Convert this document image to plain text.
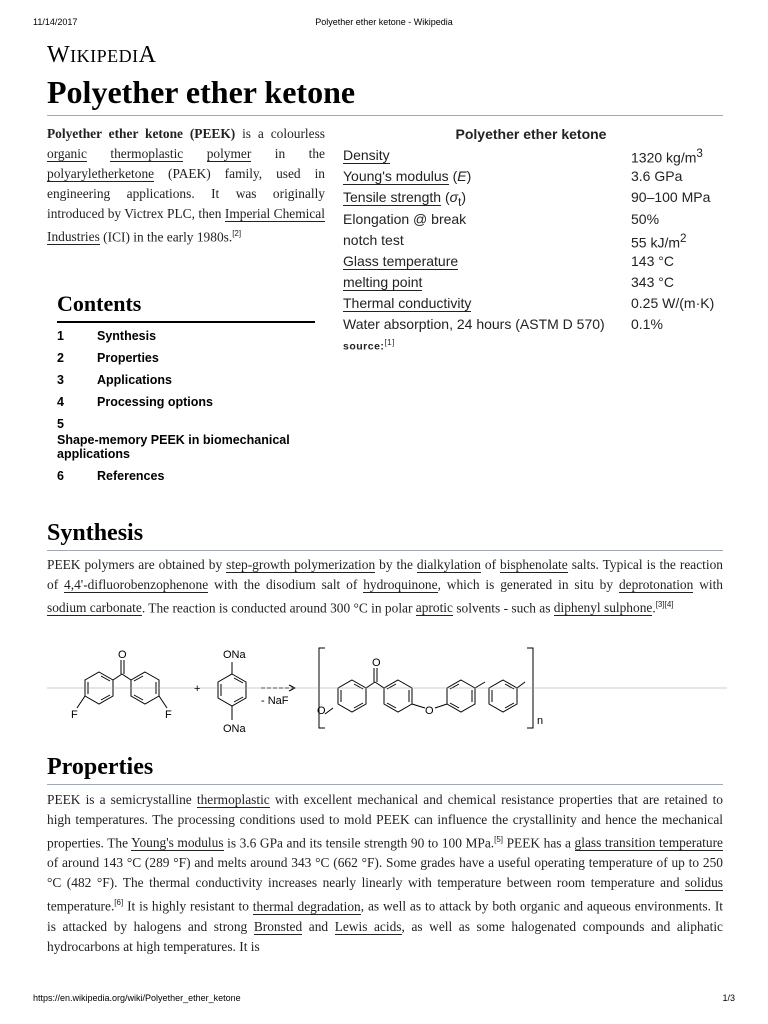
11/14/2017	Polyether ether ketone - Wikipedia
WIKIPEDIA
Polyether ether ketone
Polyether ether ketone (PEEK) is a colourless organic thermoplastic polymer in the polyaryletherketone (PAEK) family, used in engineering applications. It was originally introduced by Victrex PLC, then Imperial Chemical Industries (ICI) in the early 1980s.[2]
Polyether ether ketone
Density	1320 $kg/m^3$
Young's modulus (E)	3.6 GPa
Tensile strength $(\sigma_t)$	90–100 MPa
Elongation @ break	50%
notch test	55 $kJ/m^2$
Glass temperature	143 °C
melting point	343 °C
Thermal conductivity	0.25 W/(m·K)
Water absorption, 24 hours (ASTM D 570)	0.1%
source:[1]
Contents
1	Synthesis
2	Properties
3	Applications
4	Processing options
5
Shape-memory PEEK in biomechanical applications
6	References
Synthesis
PEEK polymers are obtained by step-growth polymerization by the dialkylation of bisphenolate salts. Typical is the reaction of 4,4'-difluorobenzophenone with the disodium salt of hydroquinone, which is generated in situ by deprotonation with sodium carbonate. The reaction is conducted around 300 °C in polar aprotic solvents - such as diphenyl sulphone.[3][4]
O	ONa
ONa
F	F
+
- NaF
O
O	O
n
Properties
PEEK is a semicrystalline thermoplastic with excellent mechanical and chemical resistance properties that are retained to high temperatures. The processing conditions used to mold PEEK can influence the crystallinity and hence the mechanical properties. The Young's modulus is 3.6 GPa and its tensile strength 90 to 100 MPa.[5] PEEK has a glass transition temperature of around 143 °C (289 °F) and melts around 343 °C (662 °F). Some grades have a useful operating temperature of up to 250 °C (482 °F). The thermal conductivity increases nearly linearly with temperature between room temperature and solidus temperature.[6] It is highly resistant to thermal degradation, as well as to attack by both organic and aqueous environments. It is attacked by halogens and strong Bronsted and Lewis acids, as well as some halogenated compounds and aliphatic hydrocarbons at high temperatures. It is
https://en.wikipedia.org/wiki/Polyether_ether_ketone	1/3
